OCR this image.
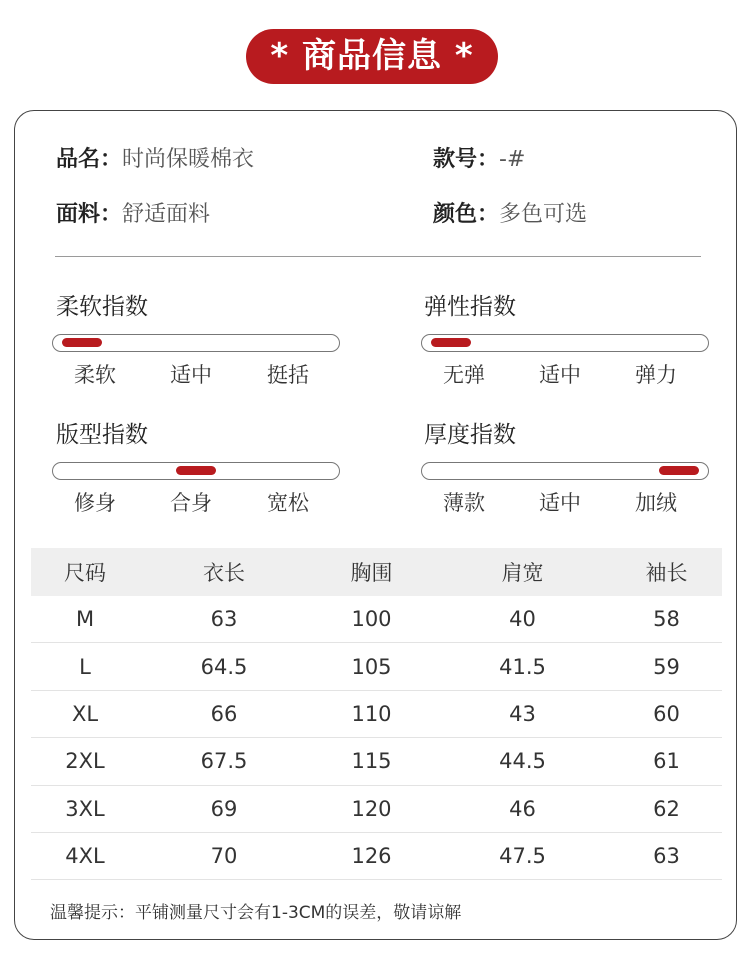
* 商品信息 *
品名：时尚保暖棉衣	款号：-#
面料：舒适面料	颜色：多色可选
柔软指数
柔软	适中	挺括
弹性指数
无弹	适中	弹力
版型指数
修身	合身	宽松
厚度指数
薄款	适中	加绒
尺码	衣长	胸围	肩宽	袖长
M	63	100	40	58
L	64.5	105	41.5	59
XL	66	110	43	60
2XL	67.5	115	44.5	61
3XL	69	120	46	62
4XL	70	126	47.5	63
温馨提示：平铺测量尺寸会有1-3CM的误差，敬请谅解
